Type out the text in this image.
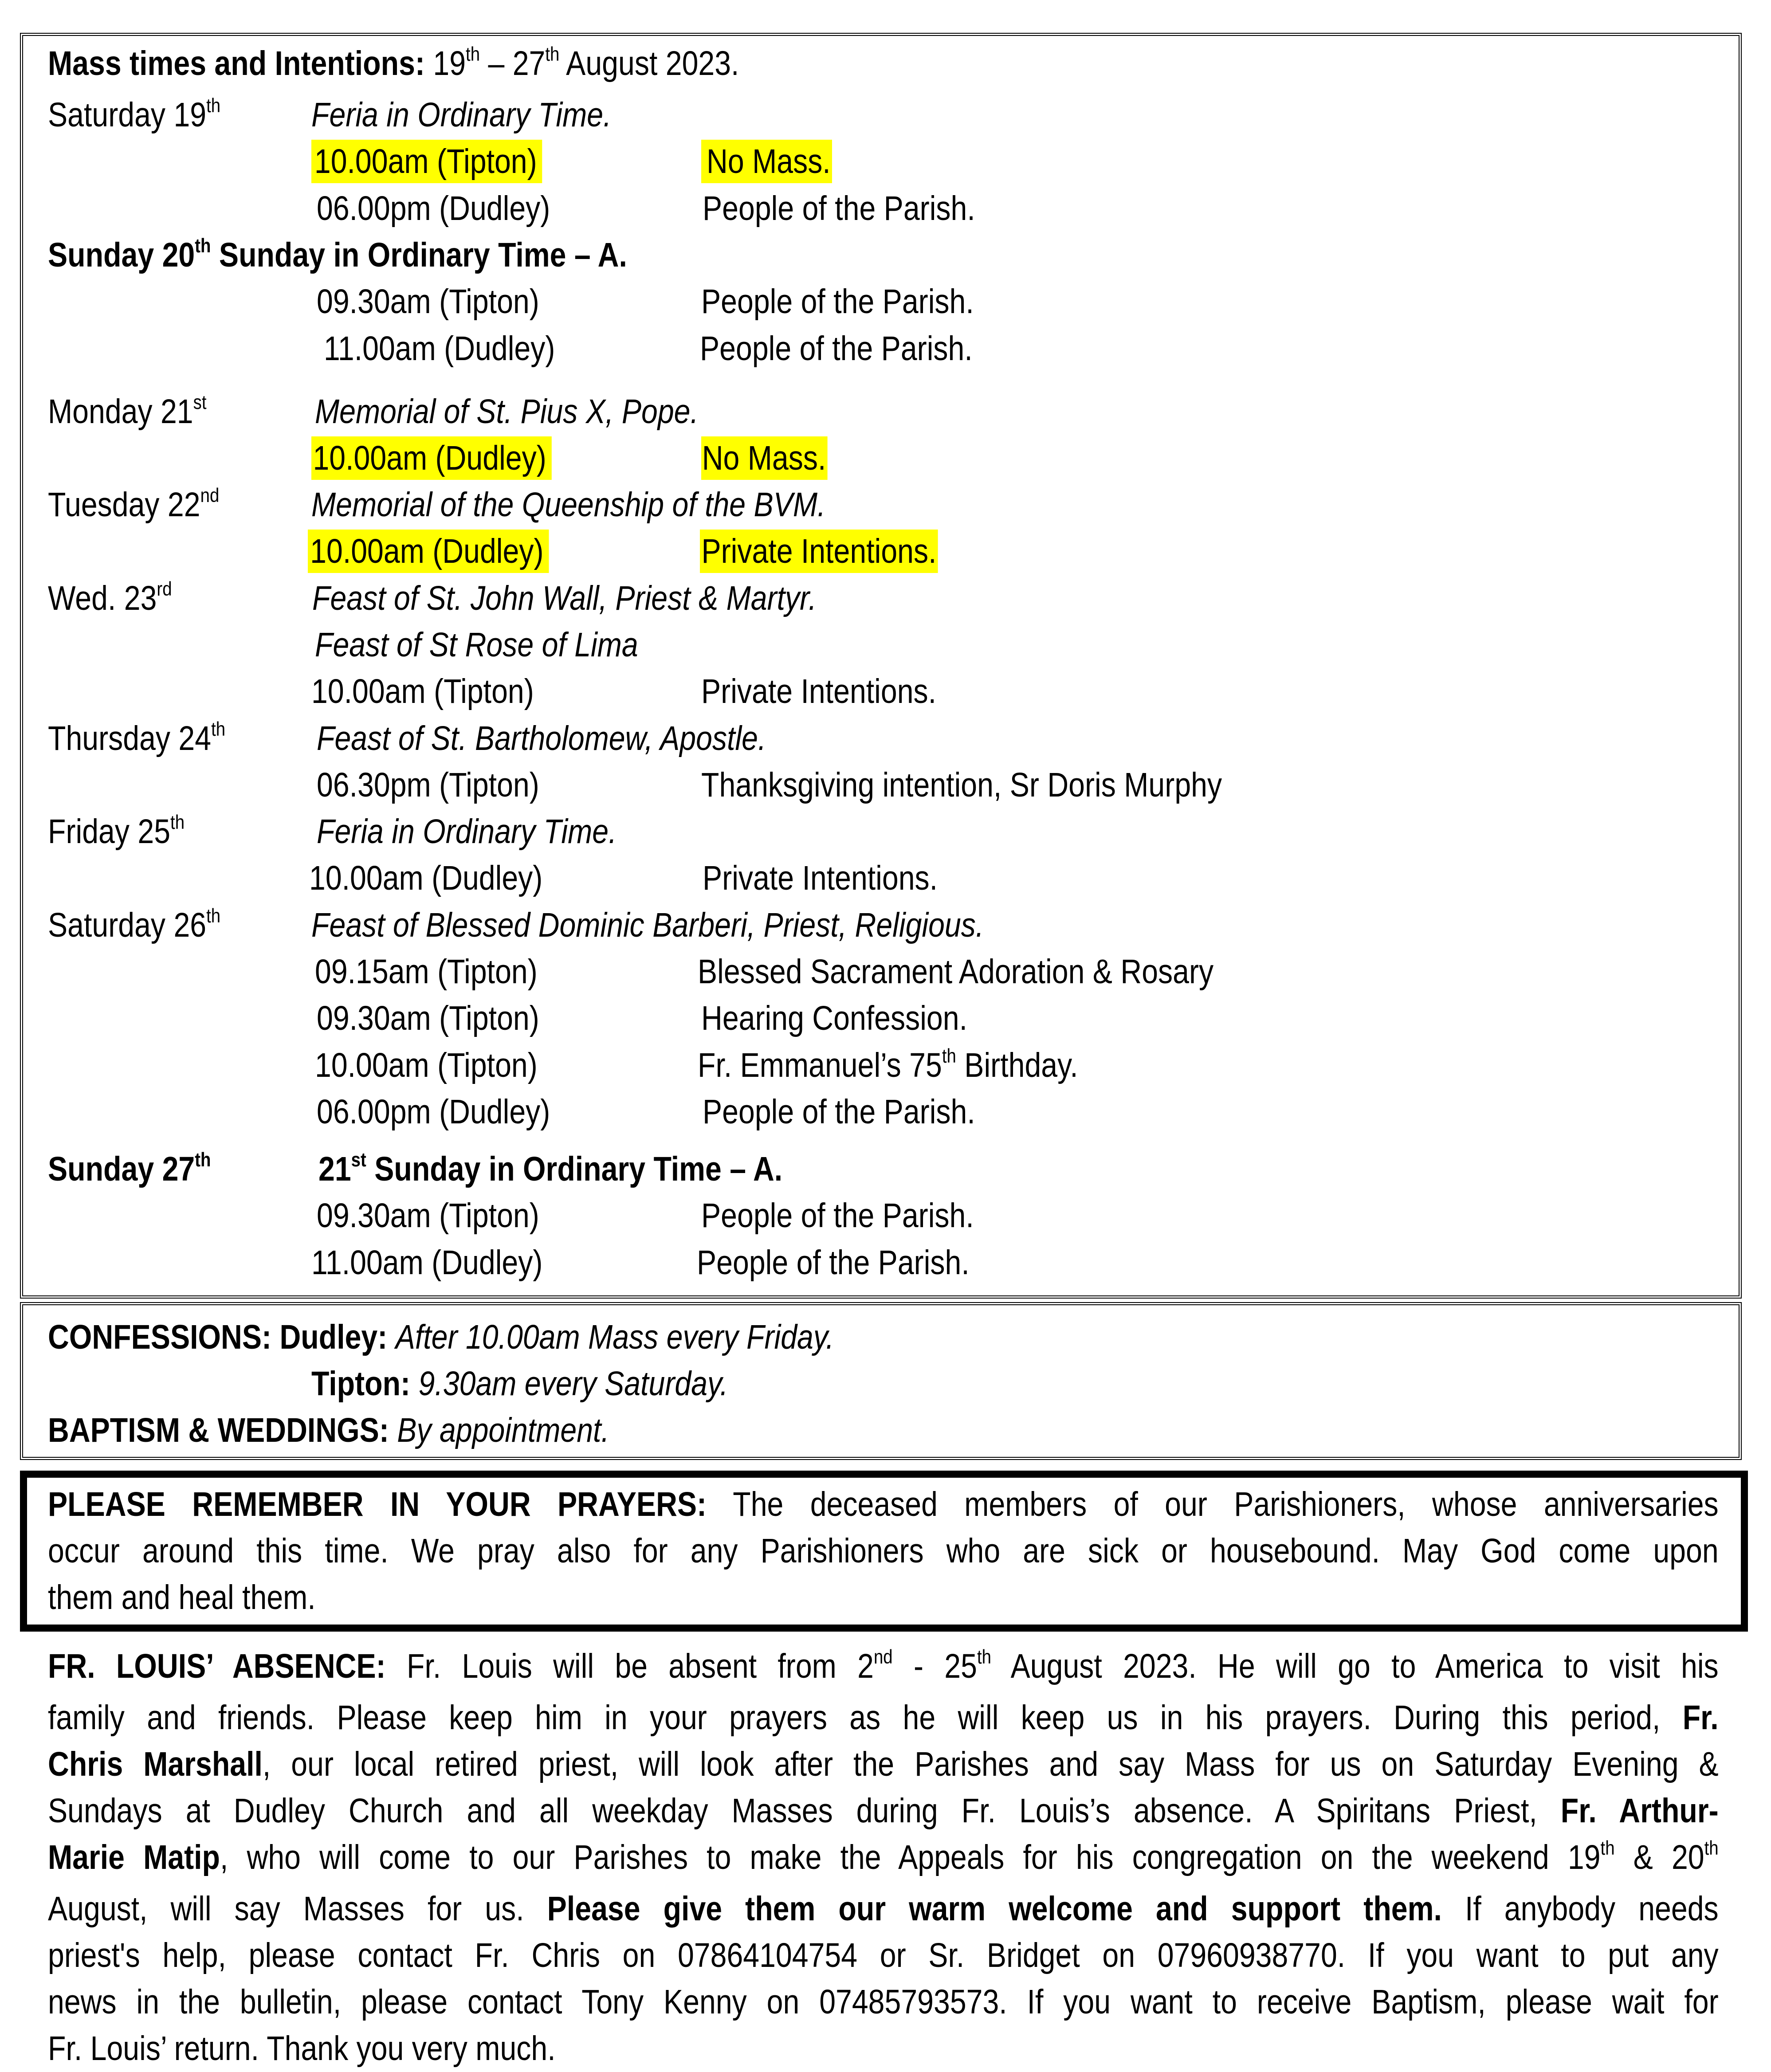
Mass times and Intentions: 19th – 27th August 2023.
Saturday 19th	Feria in Ordinary Time.
10.00am (Tipton)	No Mass.
06.00pm (Dudley)	People of the Parish.
Sunday 20th Sunday in Ordinary Time – A.
09.30am (Tipton)	People of the Parish.
11.00am (Dudley)	People of the Parish.
Monday 21st	Memorial of St. Pius X, Pope.
10.00am (Dudley)	No Mass.
Tuesday 22nd	Memorial of the Queenship of the BVM.
10.00am (Dudley)	Private Intentions.
Wed. 23rd	Feast of St. John Wall, Priest & Martyr.
Feast of St Rose of Lima
10.00am (Tipton)	Private Intentions.
Thursday 24th	Feast of St. Bartholomew, Apostle.
06.30pm (Tipton)	Thanksgiving intention, Sr Doris Murphy
Friday 25th	Feria in Ordinary Time.
10.00am (Dudley)	Private Intentions.
Saturday 26th	Feast of Blessed Dominic Barberi, Priest, Religious.
09.15am (Tipton)	Blessed Sacrament Adoration & Rosary
09.30am (Tipton)	Hearing Confession.
10.00am (Tipton)	Fr. Emmanuel’s 75th Birthday.
06.00pm (Dudley)	People of the Parish.
Sunday 27th	21st Sunday in Ordinary Time – A.
09.30am (Tipton)	People of the Parish.
11.00am (Dudley)	People of the Parish.
CONFESSIONS: Dudley: After 10.00am Mass every Friday.
Tipton: 9.30am every Saturday.
BAPTISM & WEDDINGS: By appointment.
PLEASE REMEMBER IN YOUR PRAYERS: The deceased members of our Parishioners, whose anniversaries
occur around this time. We pray also for any Parishioners who are sick or housebound. May God come upon
them and heal them.
FR. LOUIS’ ABSENCE: Fr. Louis will be absent from 2nd - 25th August 2023. He will go to America to visit his
family and friends. Please keep him in your prayers as he will keep us in his prayers. During this period, Fr.
Chris Marshall, our local retired priest, will look after the Parishes and say Mass for us on Saturday Evening &
Sundays at Dudley Church and all weekday Masses during Fr. Louis’s absence. A Spiritans Priest, Fr. Arthur-
Marie Matip, who will come to our Parishes to make the Appeals for his congregation on the weekend 19th & 20th
August, will say Masses for us. Please give them our warm welcome and support them. If anybody needs
priest's help, please contact Fr. Chris on 07864104754 or Sr. Bridget on 07960938770. If you want to put any
news in the bulletin, please contact Tony Kenny on 07485793573. If you want to receive Baptism, please wait for
Fr. Louis’ return. Thank you very much.
